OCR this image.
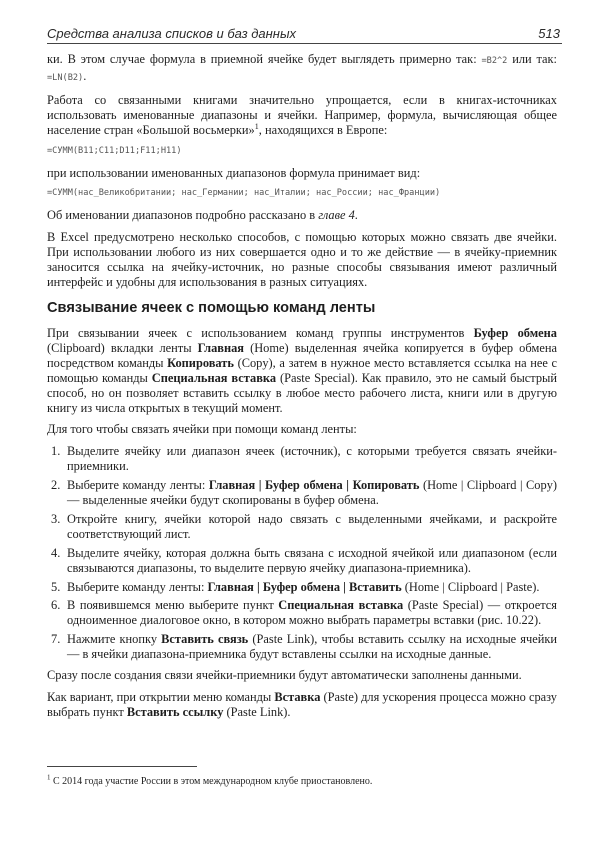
Средства анализа списков и баз данных	513

ки. В этом случае формула в приемной ячейке будет выглядеть примерно так: =B2^2 или так: =LN(B2).

Работа со связанными книгами значительно упрощается, если в книгах-источниках использовать именованные диапазоны и ячейки. Например, формула, вычисляющая общее население стран «Большой восьмерки»$^1$, находящихся в Европе:

=СУММ(B11;C11;D11;F11;H11)

при использовании именованных диапазонов формула принимает вид:

=СУММ(нас_Великобритании; нас_Германии; нас_Италии; нас_России; нас_Франции)

Об именовании диапазонов подробно рассказано в главе 4.

В Excel предусмотрено несколько способов, с помощью которых можно связать две ячейки. При использовании любого из них совершается одно и то же действие — в ячейку-приемник заносится ссылка на ячейку-источник, но разные способы связывания имеют различный интерфейс и удобны для использования в разных ситуациях.

Связывание ячеек с помощью команд ленты

При связывании ячеек с использованием команд группы инструментов Буфер обмена (Clipboard) вкладки ленты Главная (Home) выделенная ячейка копируется в буфер обмена посредством команды Копировать (Copy), а затем в нужное место вставляется ссылка на нее с помощью команды Специальная вставка (Paste Special). Как правило, это не самый быстрый способ, но он позволяет вставить ссылку в любое место рабочего листа, книги или в другую книгу из числа открытых в текущий момент.

Для того чтобы связать ячейки при помощи команд ленты:

1. Выделите ячейку или диапазон ячеек (источник), с которыми требуется связать ячейки-приемники.
2. Выберите команду ленты: Главная | Буфер обмена | Копировать (Home | Clipboard | Copy) — выделенные ячейки будут скопированы в буфер обмена.
3. Откройте книгу, ячейки которой надо связать с выделенными ячейками, и раскройте соответствующий лист.
4. Выделите ячейку, которая должна быть связана с исходной ячейкой или диапазоном (если связываются диапазоны, то выделите первую ячейку диапазона-приемника).
5. Выберите команду ленты: Главная | Буфер обмена | Вставить (Home | Clipboard | Paste).
6. В появившемся меню выберите пункт Специальная вставка (Paste Special) — откроется одноименное диалоговое окно, в котором можно выбрать параметры вставки (рис. 10.22).
7. Нажмите кнопку Вставить связь (Paste Link), чтобы вставить ссылку на исходные ячейки — в ячейки диапазона-приемника будут вставлены ссылки на исходные данные.

Сразу после создания связи ячейки-приемники будут автоматически заполнены данными.

Как вариант, при открытии меню команды Вставка (Paste) для ускорения процесса можно сразу выбрать пункт Вставить ссылку (Paste Link).

$^1$ С 2014 года участие России в этом международном клубе приостановлено.
